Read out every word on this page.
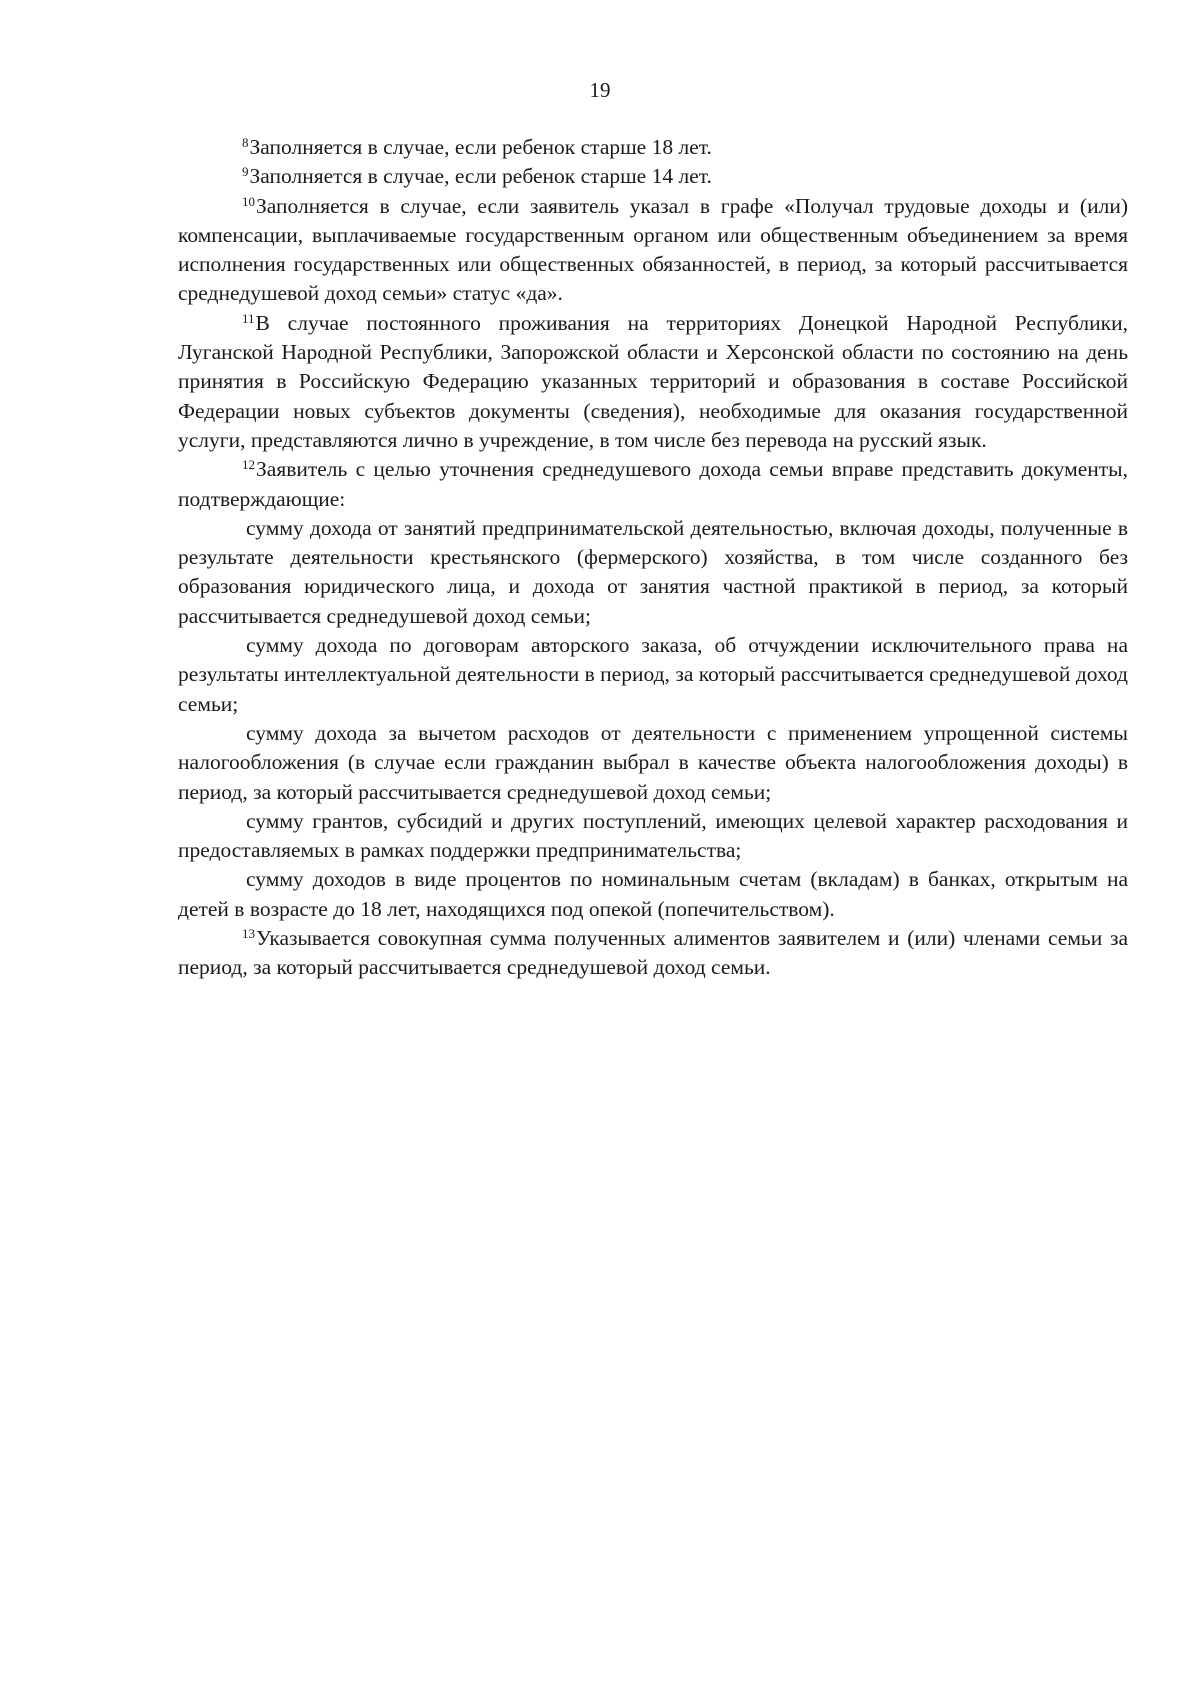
19

$^8$Заполняется в случае, если ребенок старше 18 лет.

$^9$Заполняется в случае, если ребенок старше 14 лет.

$^{10}$Заполняется в случае, если заявитель указал в графе «Получал трудовые доходы и (или) компенсации, выплачиваемые государственным органом или общественным объединением за время исполнения государственных или общественных обязанностей, в период, за который рассчитывается среднедушевой доход семьи» статус «да».

$^{11}$В случае постоянного проживания на территориях Донецкой Народной Республики, Луганской Народной Республики, Запорожской области и Херсонской области по состоянию на день принятия в Российскую Федерацию указанных территорий и образования в составе Российской Федерации новых субъектов документы (сведения), необходимые для оказания государственной услуги, представляются лично в учреждение, в том числе без перевода на русский язык.

$^{12}$Заявитель с целью уточнения среднедушевого дохода семьи вправе представить документы, подтверждающие:

сумму дохода от занятий предпринимательской деятельностью, включая доходы, полученные в результате деятельности крестьянского (фермерского) хозяйства, в том числе созданного без образования юридического лица, и дохода от занятия частной практикой в период, за который рассчитывается среднедушевой доход семьи;

сумму дохода по договорам авторского заказа, об отчуждении исключительного права на результаты интеллектуальной деятельности в период, за который рассчитывается среднедушевой доход семьи;

сумму дохода за вычетом расходов от деятельности с применением упрощенной системы налогообложения (в случае если гражданин выбрал в качестве объекта налогообложения доходы) в период, за который рассчитывается среднедушевой доход семьи;

сумму грантов, субсидий и других поступлений, имеющих целевой характер расходования и предоставляемых в рамках поддержки предпринимательства;

сумму доходов в виде процентов по номинальным счетам (вкладам) в банках, открытым на детей в возрасте до 18 лет, находящихся под опекой (попечительством).

$^{13}$Указывается совокупная сумма полученных алиментов заявителем и (или) членами семьи за период, за который рассчитывается среднедушевой доход семьи.
